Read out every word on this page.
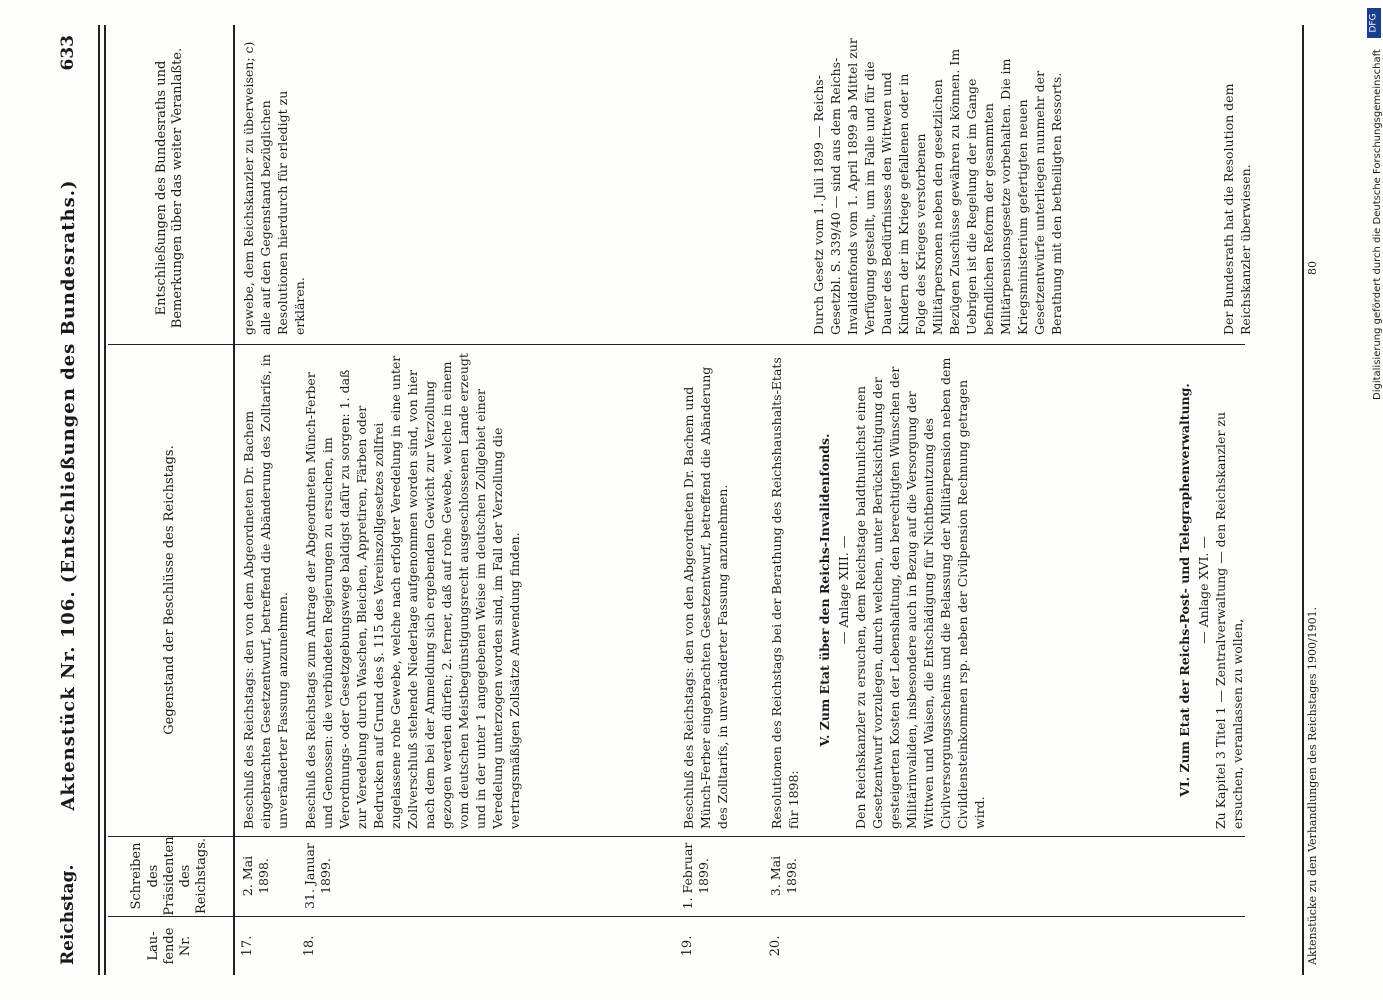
Reichstag.
Aktenstück Nr. 106. (Entschließungen des Bundesraths.)
633
Lau-fende Nr.
Schreiben des Präsidenten des Reichstags.
Gegenstand der Beschlüsse des Reichstags.
Entschließungen des Bundesraths und Bemerkungen über das weiter Veranlaßte.
17.
2. Mai 1898.
Beschluß des Reichstags: den von dem Abgeordneten Dr. Bachem eingebrachten Gesetzentwurf, betreffend die Abänderung des Zolltarifs, in unveränderter Fassung anzunehmen.
gewebe, dem Reichskanzler zu überweisen; c) alle auf den Gegenstand bezüglichen Resolutionen hierdurch für erledigt zu erklären.
18.
31. Januar 1899.
Beschluß des Reichstags zum Antrage der Abgeordneten Münch-Ferber und Genossen: die verbündeten Regierungen zu ersuchen, im Verordnungs- oder Gesetzgebungswege baldigst dafür zu sorgen: 1. daß zur Veredelung durch Waschen, Bleichen, Appretiren, Färben oder Bedrucken auf Grund des §. 115 des Vereinszollgesetzes zollfrei zugelassene rohe Gewebe, welche nach erfolgter Veredelung in eine unter Zollverschluß stehende Niederlage aufgenommen worden sind, von hier nach dem bei der Anmeldung sich ergebenden Gewicht zur Verzollung gezogen werden dürfen; 2. ferner, daß auf rohe Gewebe, welche in einem vom deutschen Meistbegünstigungsrecht ausgeschlossenen Lande erzeugt und in der unter 1 angegebenen Weise im deutschen Zollgebiet einer Veredelung unterzogen worden sind, im Fall der Verzollung die vertragsmäßigen Zollsätze Anwendung finden.
19.
1. Februar 1899.
Beschluß des Reichstags: den von den Abgeordneten Dr. Bachem und Münch-Ferber eingebrachten Gesetzentwurf, betreffend die Abänderung des Zolltarifs, in unveränderter Fassung anzunehmen.
20.
3. Mai 1898.
Resolutionen des Reichstags bei der Berathung des Reichshaushalts-Etats für 1898:
V. Zum Etat über den Reichs-Invalidenfonds. — Anlage XIII. — Den Reichskanzler zu ersuchen, dem Reichstage baldthunlichst einen Gesetzentwurf vorzulegen, durch welchen, unter Berücksichtigung der gesteigerten Kosten der Lebenshaltung, den berechtigten Wünschen der Militärinvaliden, insbesondere auch in Bezug auf die Versorgung der Wittwen und Waisen, die Entschädigung für Nichtbenutzung des Civilversorgungsscheins und die Belassung der Militärpension neben dem Civildiensteinkommen rsp. neben der Civilpension Rechnung getragen wird.
Durch Gesetz vom 1. Juli 1899 — Reichs-Gesetzbl. S. 339/40 — sind aus dem Reichs-Invalidenfonds vom 1. April 1899 ab Mittel zur Verfügung gestellt, um im Falle und für die Dauer des Bedürfnisses den Wittwen und Kindern der im Kriege gefallenen oder in Folge des Krieges verstorbenen Militärpersonen neben den gesetzlichen Bezügen Zuschüsse gewähren zu können. Im Uebrigen ist die Regelung der im Gange befindlichen Reform der gesammten Militärpensionsgesetze vorbehalten. Die im Kriegsministerium gefertigten neuen Gesetzentwürfe unterliegen nunmehr der Berathung mit den betheiligten Ressorts.
VI. Zum Etat der Reichs-Post- und Telegraphenverwaltung. — Anlage XVI. — Zu Kapitel 3 Titel 1 — Zentralverwaltung — den Reichskanzler zu ersuchen, veranlassen zu wollen,
Der Bundesrath hat die Resolution dem Reichskanzler überwiesen.
Aktenstücke zu den Verhandlungen des Reichstages 1900/1901.
80
DFG
Digitalisierung gefördert durch die Deutsche Forschungsgemeinschaft
